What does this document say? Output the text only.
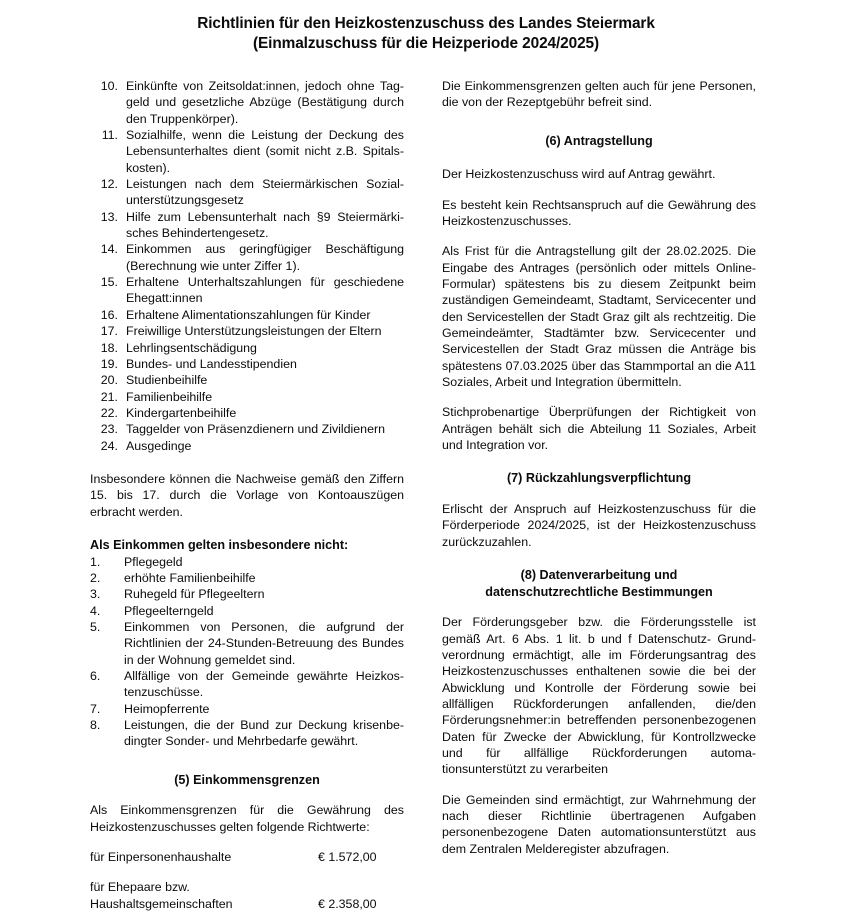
Richtlinien für den Heizkostenzuschuss des Landes Steiermark
(Einmalzuschuss für die Heizperiode 2024/2025)
10. Einkünfte von Zeitsoldat:innen, jedoch ohne Taggeld und gesetzliche Abzüge (Bestätigung durch den Truppenkörper).
11. Sozialhilfe, wenn die Leistung der Deckung des Lebensunterhaltes dient (somit nicht z.B. Spitalskosten).
12. Leistungen nach dem Steiermärkischen Sozialunterstützungsgesetz
13. Hilfe zum Lebensunterhalt nach §9 Steiermärkisches Behindertengesetz.
14. Einkommen aus geringfügiger Beschäftigung (Berechnung wie unter Ziffer 1).
15. Erhaltene Unterhaltszahlungen für geschiedene Ehegatt:innen
16. Erhaltene Alimentationszahlungen für Kinder
17. Freiwillige Unterstützungsleistungen der Eltern
18. Lehrlingsentschädigung
19. Bundes- und Landesstipendien
20. Studienbeihilfe
21. Familienbeihilfe
22. Kindergartenbeihilfe
23. Taggelder von Präsenzdienern und Zivildienern
24. Ausgedinge

Insbesondere können die Nachweise gemäß den Ziffern 15. bis 17. durch die Vorlage von Kontoauszügen erbracht werden.

Als Einkommen gelten insbesondere nicht:
1.	Pflegegeld
2.	erhöhte Familienbeihilfe
3.	Ruhegeld für Pflegeeltern
4.	Pflegeelterngeld
5.	Einkommen von Personen, die aufgrund der Richtlinien der 24-Stunden-Betreuung des Bundes in der Wohnung gemeldet sind.
6.	Allfällige von der Gemeinde gewährte Heizkostenzuschüsse.
7.	Heimopferrente
8.	Leistungen, die der Bund zur Deckung krisenbedingter Sonder- und Mehrbedarfe gewährt.
(5) Einkommensgrenzen

Als Einkommensgrenzen für die Gewährung des Heizkostenzuschusses gelten folgende Richtwerte:

für Einpersonenhaushalte	€ 1.572,00
für Ehepaare bzw.
Haushaltsgemeinschaften	€ 2.358,00

Die Einkommensgrenzen gelten auch für jene Personen, die von der Rezeptgebühr befreit sind.

(6) Antragstellung

Der Heizkostenzuschuss wird auf Antrag gewährt.

Es besteht kein Rechtsanspruch auf die Gewährung des Heizkostenzuschusses.

Als Frist für die Antragstellung gilt der 28.02.2025. Die Eingabe des Antrages (persönlich oder mittels Online-Formular) spätestens bis zu diesem Zeitpunkt beim zuständigen Gemeindeamt, Stadtamt, Servicecenter und den Servicestellen der Stadt Graz gilt als rechtzeitig. Die Gemeindeämter, Stadtämter bzw. Servicecenter und Servicestellen der Stadt Graz müssen die Anträge bis spätestens 07.03.2025 über das Stammportal an die A11 Soziales, Arbeit und Integration übermitteln.

Stichprobenartige Überprüfungen der Richtigkeit von Anträgen behält sich die Abteilung 11 Soziales, Arbeit und Integration vor.

(7) Rückzahlungsverpflichtung

Erlischt der Anspruch auf Heizkostenzuschuss für die Förderperiode 2024/2025, ist der Heizkostenzuschuss zurückzuzahlen.

(8) Datenverarbeitung und
datenschutzrechtliche Bestimmungen

Der Förderungsgeber bzw. die Förderungsstelle ist gemäß Art. 6 Abs. 1 lit. b und f Datenschutz- Grundverordnung ermächtigt, alle im Förderungsantrag des Heizkostenzuschusses enthaltenen sowie die bei der Abwicklung und Kontrolle der Förderung sowie bei allfälligen Rückforderungen anfallenden, die/den Förderungsnehmer:in betreffenden personenbezogenen Daten für Zwecke der Abwicklung, für Kontrollzwecke und für allfällige Rückforderungen automationsunterstützt zu verarbeiten

Die Gemeinden sind ermächtigt, zur Wahrnehmung der nach dieser Richtlinie übertragenen Aufgaben personenbezogene Daten automationsunterstützt aus dem Zentralen Melderegister abzufragen.
